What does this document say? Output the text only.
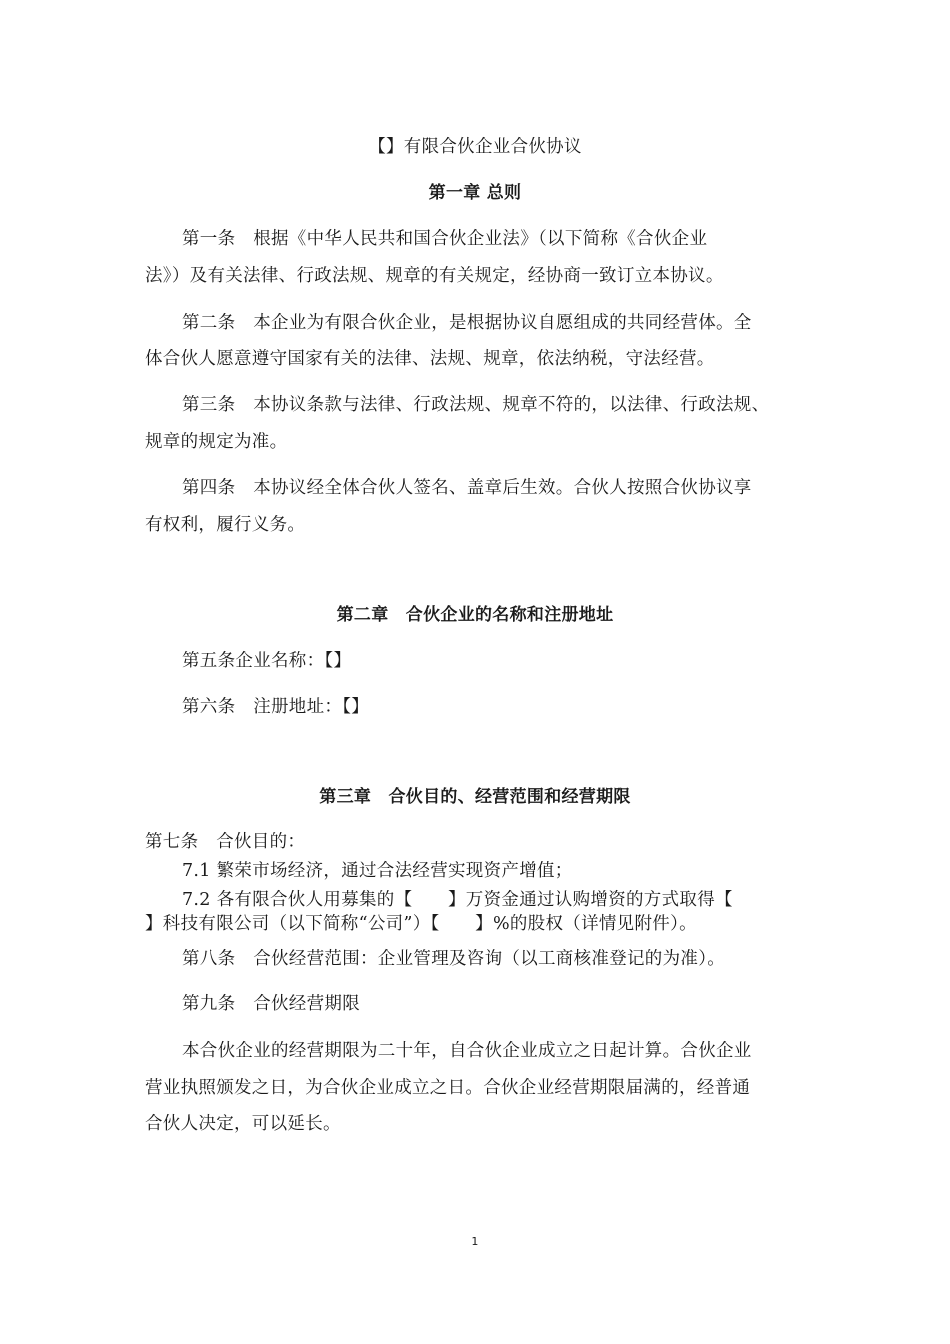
【】有限合伙企业合伙协议
第一章 总则
第一条　根据《中华人民共和国合伙企业法》（以下简称《合伙企业
法》）及有关法律、行政法规、规章的有关规定，经协商一致订立本协议。
第二条　本企业为有限合伙企业，是根据协议自愿组成的共同经营体。全
体合伙人愿意遵守国家有关的法律、法规、规章，依法纳税，守法经营。
第三条　本协议条款与法律、行政法规、规章不符的，以法律、行政法规、
规章的规定为准。
第四条　本协议经全体合伙人签名、盖章后生效。合伙人按照合伙协议享
有权利，履行义务。
第二章　合伙企业的名称和注册地址
第五条企业名称：【】
第六条　注册地址：【】
第三章　合伙目的、经营范围和经营期限
第七条　合伙目的：
7.1 繁荣市场经济，通过合法经营实现资产增值；
7.2 各有限合伙人用募集的【　　】万资金通过认购增资的方式取得【
】科技有限公司（以下简称“公司”）【　　】%的股权（详情见附件）。
第八条　合伙经营范围：企业管理及咨询（以工商核准登记的为准）。
第九条　合伙经营期限
本合伙企业的经营期限为二十年，自合伙企业成立之日起计算。合伙企业
营业执照颁发之日，为合伙企业成立之日。合伙企业经营期限届满的，经普通
合伙人决定，可以延长。
1
